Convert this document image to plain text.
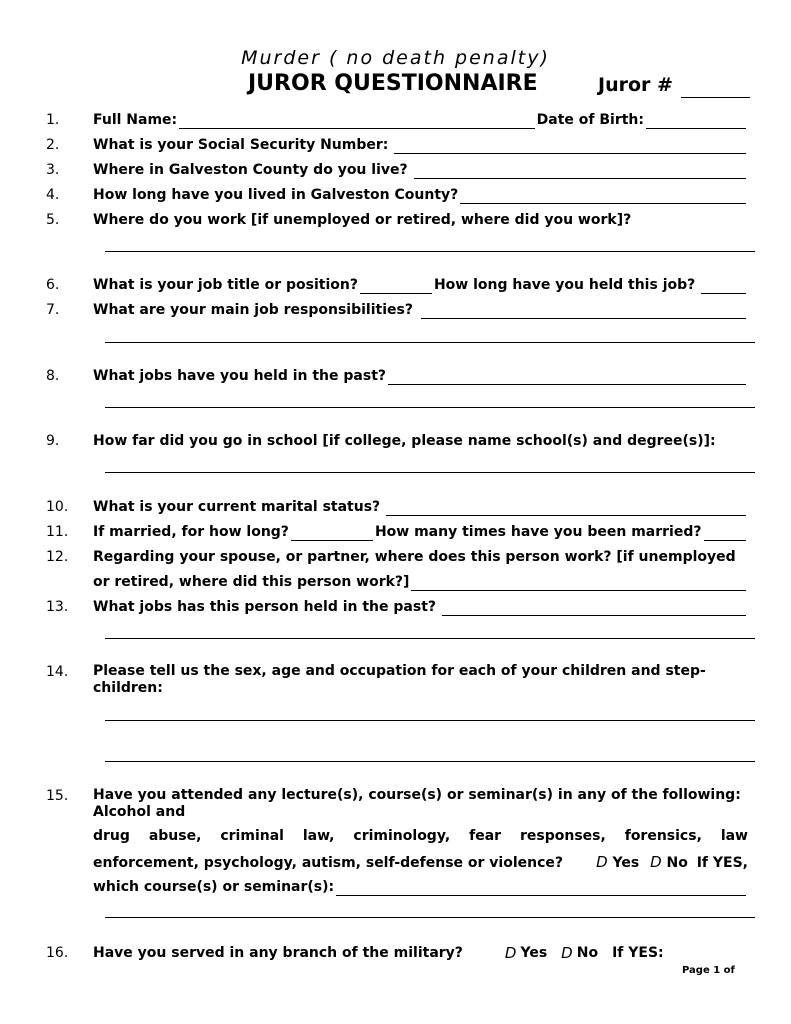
Murder ( no death penalty)
JUROR QUESTIONNAIRE	Juror #
1. Full Name:	Date of Birth:
2. What is your Social Security Number:
3. Where in Galveston County do you live?
4. How long have you lived in Galveston County?
5. Where do you work [if unemployed or retired, where did you work]?
6. What is your job title or position?	How long have you held this job?
7. What are your main job responsibilities?
8. What jobs have you held in the past?
9. How far did you go in school [if college, please name school(s) and degree(s)]:
10. What is your current marital status?
11. If married, for how long?	How many times have you been married?
12. Regarding your spouse, or partner, where does this person work? [if unemployed
or retired, where did this person work?]
13. What jobs has this person held in the past?
14. Please tell us the sex, age and occupation for each of your children and step-children:
15. Have you attended any lecture(s), course(s) or seminar(s) in any of the following: Alcohol and
drug abuse, criminal law, criminology, fear responses, forensics, law
enforcement, psychology, autism, self-defense or violence? D Yes D No If YES,
which course(s) or seminar(s):
16. Have you served in any branch of the military?	D Yes D No If YES:
Page 1 of
